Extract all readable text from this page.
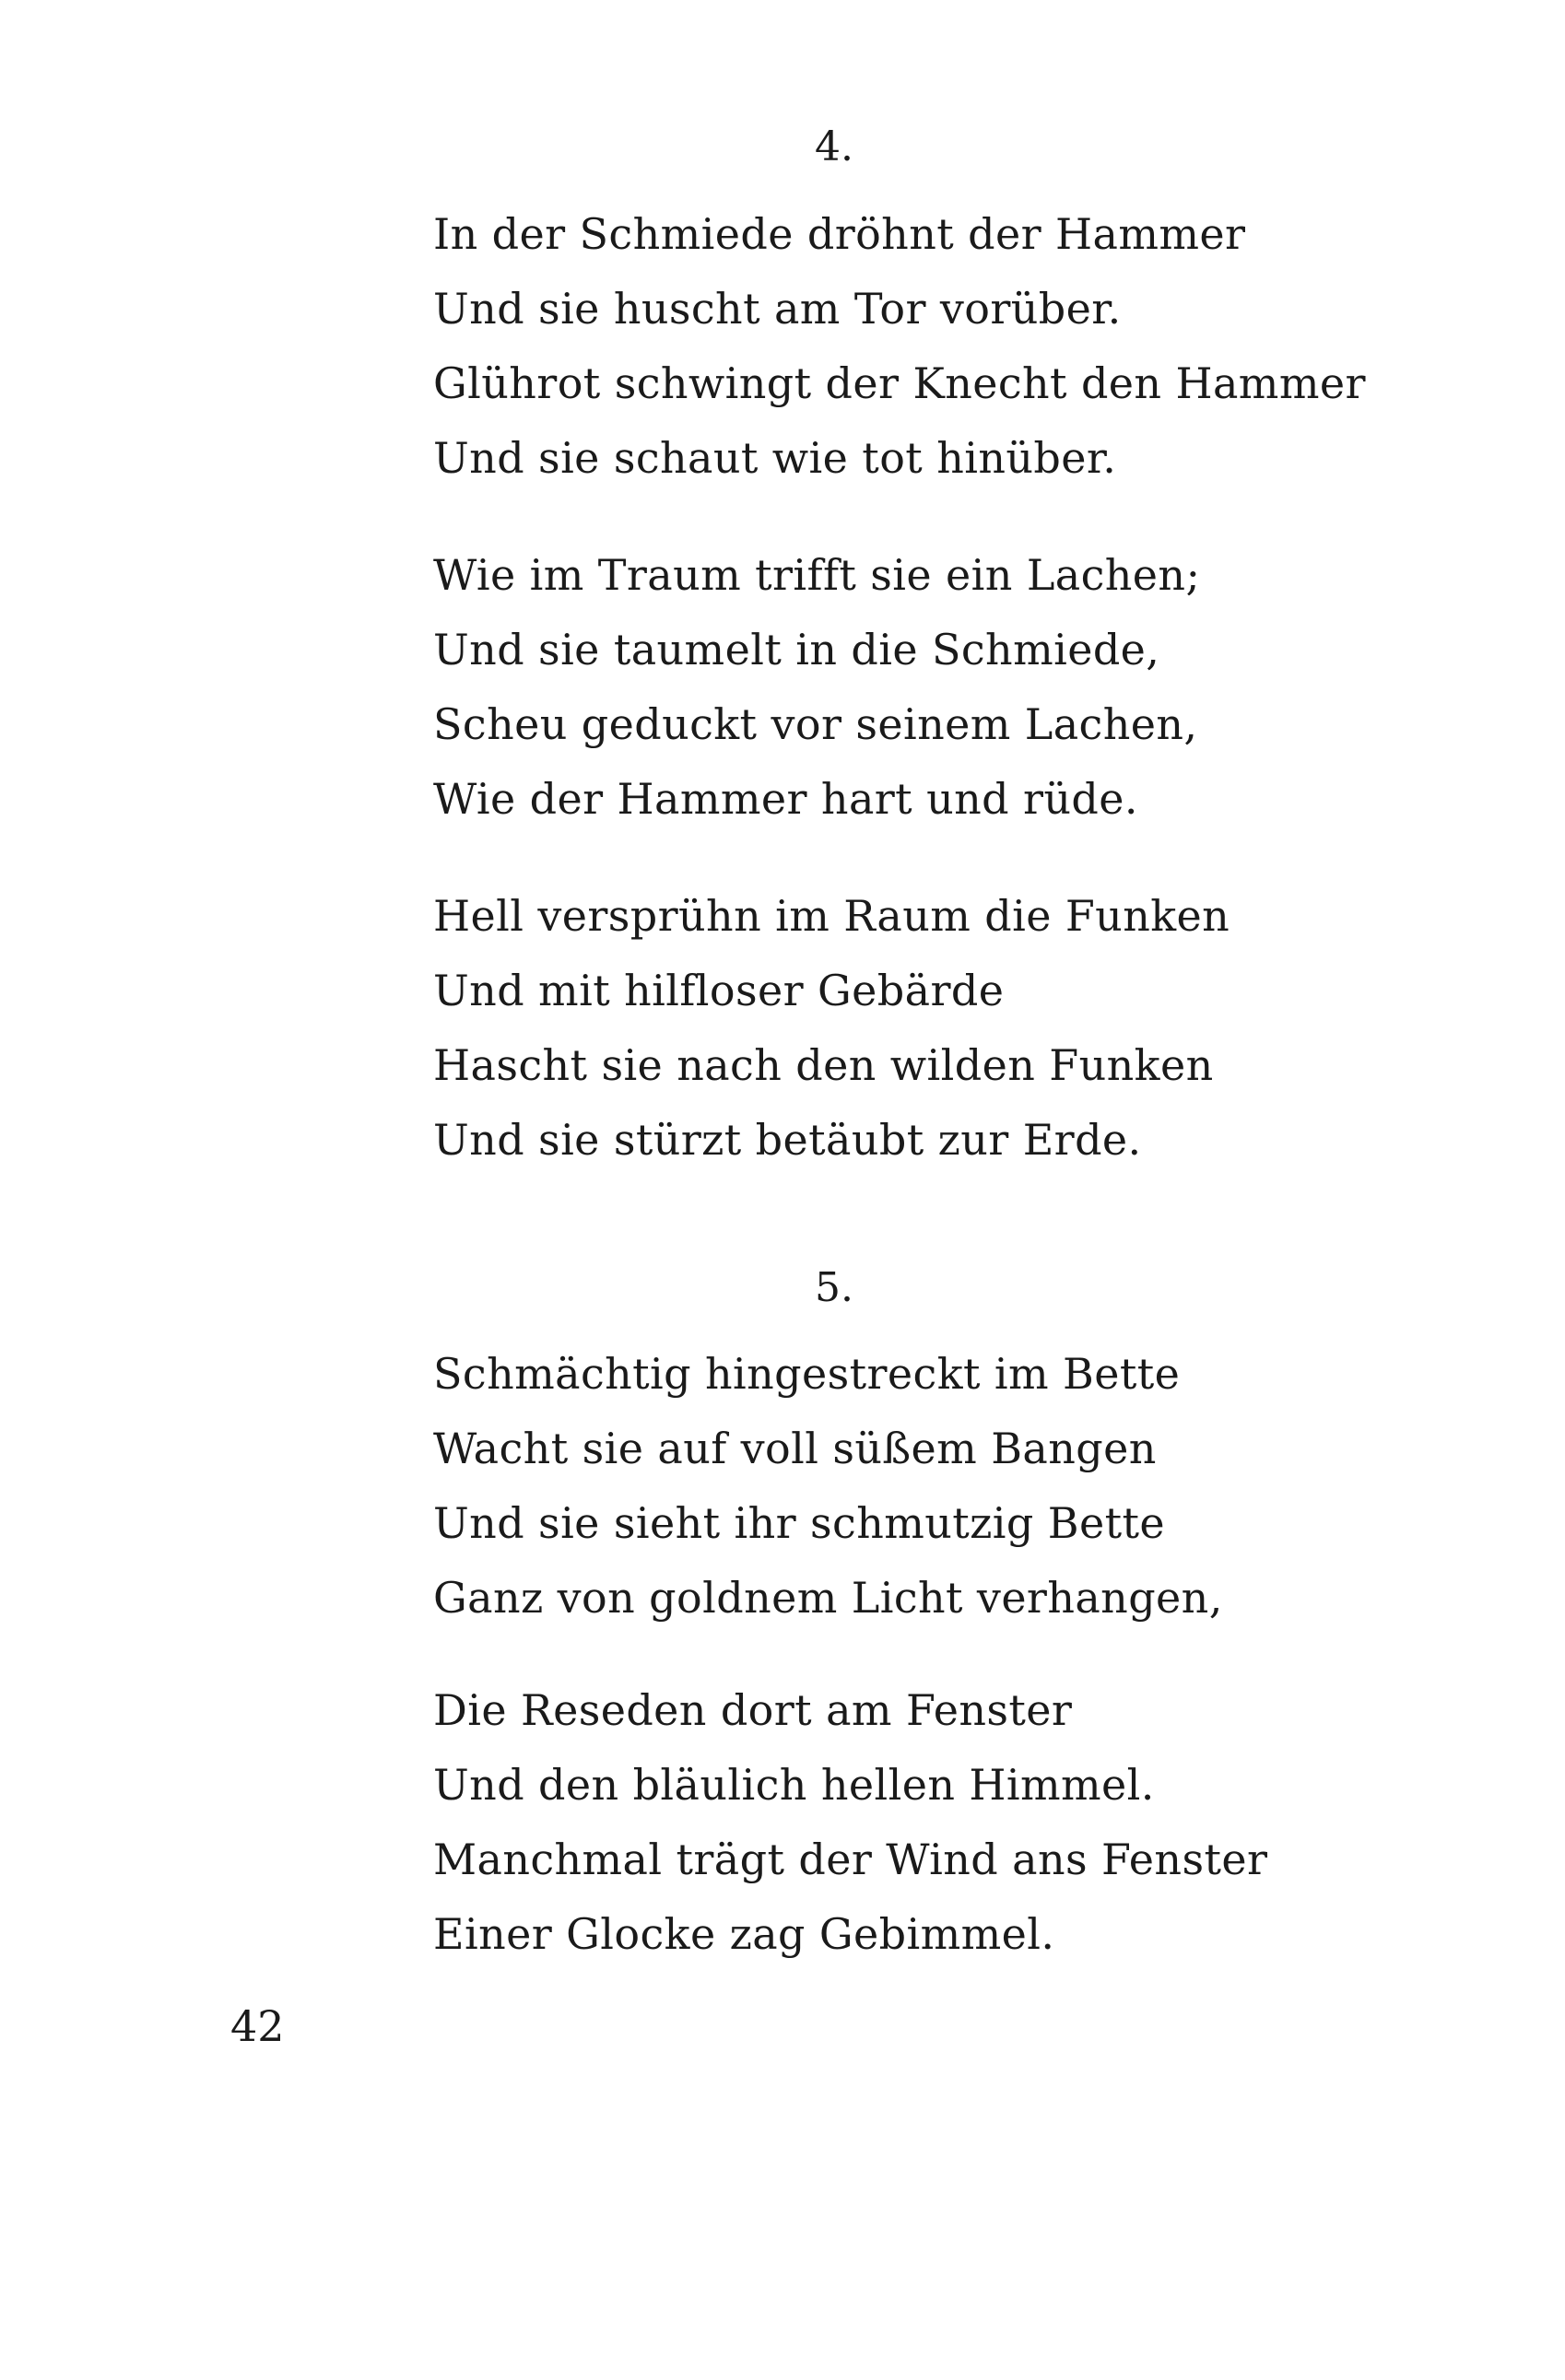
4.
In der Schmiede dröhnt der Hammer
Und sie huscht am Tor vorüber.
Glührot schwingt der Knecht den Hammer
Und sie schaut wie tot hinüber.
Wie im Traum trifft sie ein Lachen;
Und sie taumelt in die Schmiede,
Scheu geduckt vor seinem Lachen,
Wie der Hammer hart und rüde.
Hell versprühn im Raum die Funken
Und mit hilfloser Gebärde
Hascht sie nach den wilden Funken
Und sie stürzt betäubt zur Erde.
5.
Schmächtig hingestreckt im Bette
Wacht sie auf voll süßem Bangen
Und sie sieht ihr schmutzig Bette
Ganz von goldnem Licht verhangen,
Die Reseden dort am Fenster
Und den bläulich hellen Himmel.
Manchmal trägt der Wind ans Fenster
Einer Glocke zag Gebimmel.
42
